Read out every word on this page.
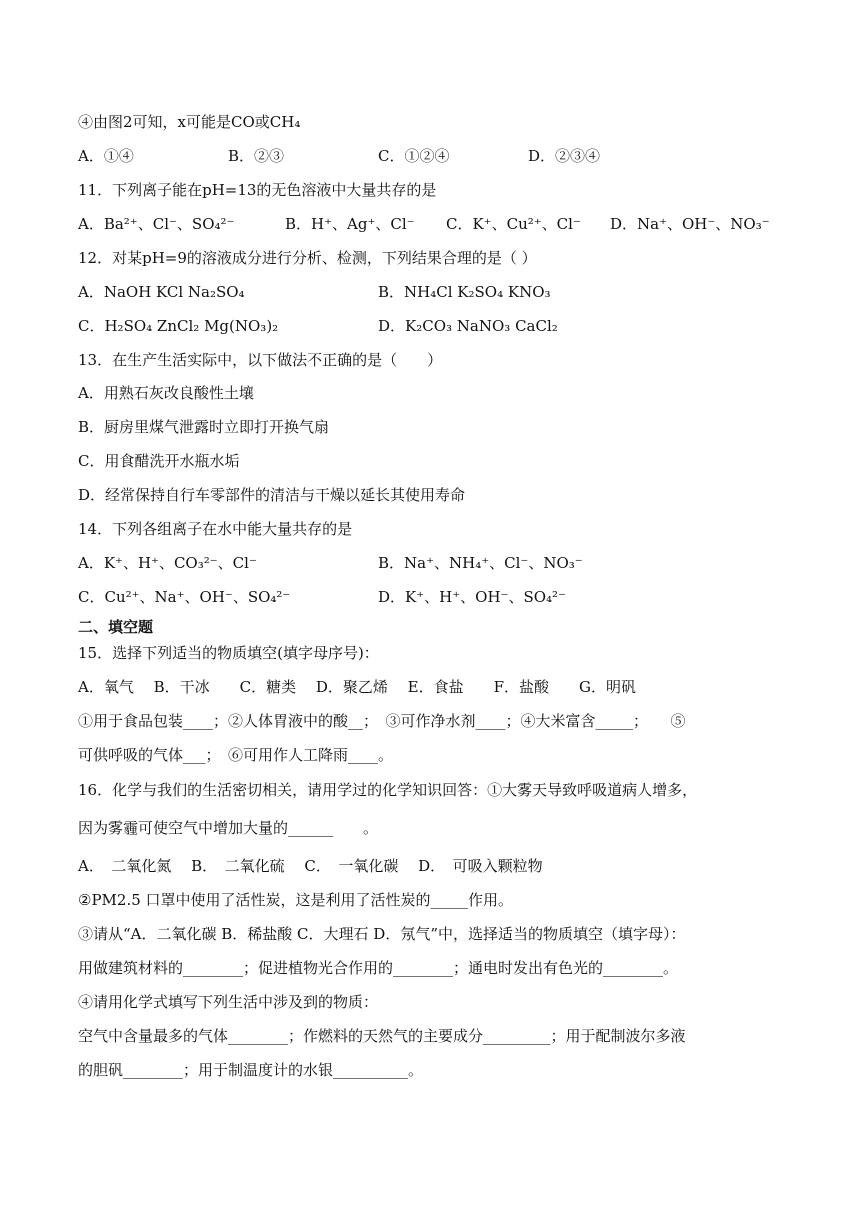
④由图2可知，x可能是CO或CH₄
A．①④	B．②③	C．①②④	D．②③④
11．下列离子能在pH=13的无色溶液中大量共存的是
A．Ba²⁺、Cl⁻、SO₄²⁻	B．H⁺、Ag⁺、Cl⁻ C．K⁺、Cu²⁺、Cl⁻ D．Na⁺、OH⁻、NO₃⁻
12．对某pH=9的溶液成分进行分析、检测，下列结果合理的是（ ）
A．NaOH KCl Na₂SO₄	B．NH₄Cl K₂SO₄ KNO₃
C．H₂SO₄ ZnCl₂ Mg(NO₃)₂	D．K₂CO₃ NaNO₃ CaCl₂
13．在生产生活实际中，以下做法不正确的是（　　）
A．用熟石灰改良酸性土壤
B．厨房里煤气泄露时立即打开换气扇
C．用食醋洗开水瓶水垢
D．经常保持自行车零部件的清洁与干燥以延长其使用寿命
14．下列各组离子在水中能大量共存的是
A．K⁺、H⁺、CO₃²⁻、Cl⁻	B．Na⁺、NH₄⁺、Cl⁻、NO₃⁻
C．Cu²⁺、Na⁺、OH⁻、SO₄²⁻	D．K⁺、H⁺、OH⁻、SO₄²⁻
二、填空题
15．选择下列适当的物质填空(填字母序号)：
A．氧气　 B．干冰　　C．糖类　 D．聚乙烯　 E．食盐　　F．盐酸　　G．明矾
①用于食品包装____；②人体胃液中的酸__；　③可作净水剂____；④大米富含_____；　　⑤
可供呼吸的气体___；　⑥可用作人工降雨____。
16．化学与我们的生活密切相关，请用学过的化学知识回答：①大雾天导致呼吸道病人增多，
因为雾霾可使空气中增加大量的______　　。
A．　二氧化氮　 B．　二氧化硫　 C．　一氧化碳　 D．　可吸入颗粒物
②PM2.5 口罩中使用了活性炭，这是利用了活性炭的_____作用。
③请从“A．二氧化碳 B．稀盐酸 C．大理石 D．氖气”中，选择适当的物质填空（填字母）：
用做建筑材料的________；促进植物光合作用的________；通电时发出有色光的________。
④请用化学式填写下列生活中涉及到的物质：
空气中含量最多的气体________；作燃料的天然气的主要成分_________；用于配制波尔多液
的胆矾________；用于制温度计的水银__________。
